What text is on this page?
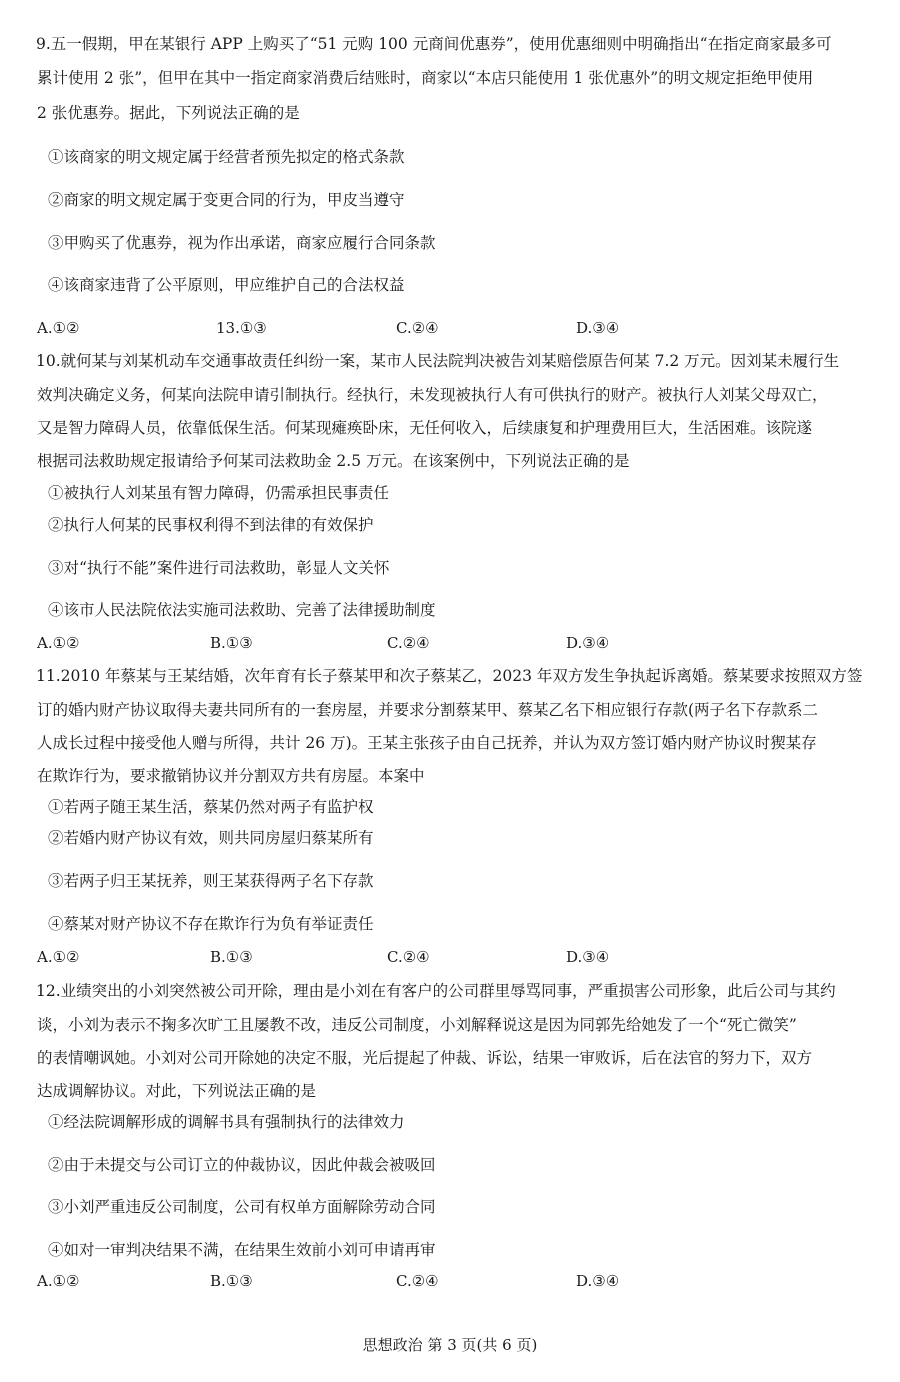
9.五一假期，甲在某银行 APP 上购买了“51 元购 100 元商间优惠券”，使用优惠细则中明确指出“在指定商家最多可
累计使用 2 张”，但甲在其中一指定商家消费后结账时，商家以“本店只能使用 1 张优惠外”的明文规定拒绝甲使用
2 张优惠券。据此，下列说法正确的是
①该商家的明文规定属于经营者预先拟定的格式条款
②商家的明文规定属于变更合同的行为，甲皮当遵守
③甲购买了优惠券，视为作出承诺，商家应履行合同条款
④该商家违背了公平原则，甲应维护自己的合法权益
A.①②	13.①③	C.②④	D.③④
10.就何某与刘某机动车交通事故责任纠纷一案，某市人民法院判决被告刘某赔偿原告何某 7.2 万元。因刘某未履行生
效判决确定义务，何某向法院申请引制执行。经执行，未发现被执行人有可供执行的财产。被执行人刘某父母双亡，
又是智力障碍人员，依靠低保生活。何某现瘫痪卧床，无任何收入，后续康复和护理费用巨大，生活困难。该院遂
根据司法救助规定报请给予何某司法救助金 2.5 万元。在该案例中，下列说法正确的是
①被执行人刘某虽有智力障碍，仍需承担民事责任
②执行人何某的民事权利得不到法律的有效保护
③对“执行不能”案件进行司法救助，彰显人文关怀
④该市人民法院依法实施司法救助、完善了法律援助制度
A.①②	B.①③	C.②④	D.③④
11.2010 年蔡某与王某结婚，次年育有长子蔡某甲和次子蔡某乙，2023 年双方发生争执起诉离婚。蔡某要求按照双方签
订的婚内财产协议取得夫妻共同所有的一套房屋，并要求分割蔡某甲、蔡某乙名下相应银行存款(两子名下存款系二
人成长过程中接受他人赠与所得，共计 26 万)。王某主张孩子由自己抚养，并认为双方签订婚内财产协议时猰某存
在欺诈行为，要求撤销协议并分割双方共有房屋。本案中
①若两子随王某生活，蔡某仍然对两子有监护权
②若婚内财产协议有效，则共同房屋归蔡某所有
③若两子归王某抚养，则王某获得两子名下存款
④蔡某对财产协议不存在欺诈行为负有举证责任
A.①②	B.①③	C.②④	D.③④
12.业绩突出的小刘突然被公司开除，理由是小刘在有客户的公司群里辱骂同事，严重损害公司形象，此后公司与其约
谈，小刘为表示不掬多次旷工且屡教不改，违反公司制度，小刘解释说这是因为同郭先给她发了一个“死亡微笑”
的表情嘲讽她。小刘对公司开除她的决定不服，光后提起了仲裁、诉讼，结果一审败诉，后在法官的努力下，双方
达成调解协议。对此，下列说法正确的是
①经法院调解形成的调解书具有强制执行的法律效力
②由于未提交与公司订立的仲裁协议，因此仲裁会被吸回
③小刘严重违反公司制度，公司有权单方面解除劳动合同
④如对一审判决结果不满，在结果生效前小刘可申请再审
A.①②	B.①③	C.②④	D.③④
思想政治 第 3 页(共 6 页)
